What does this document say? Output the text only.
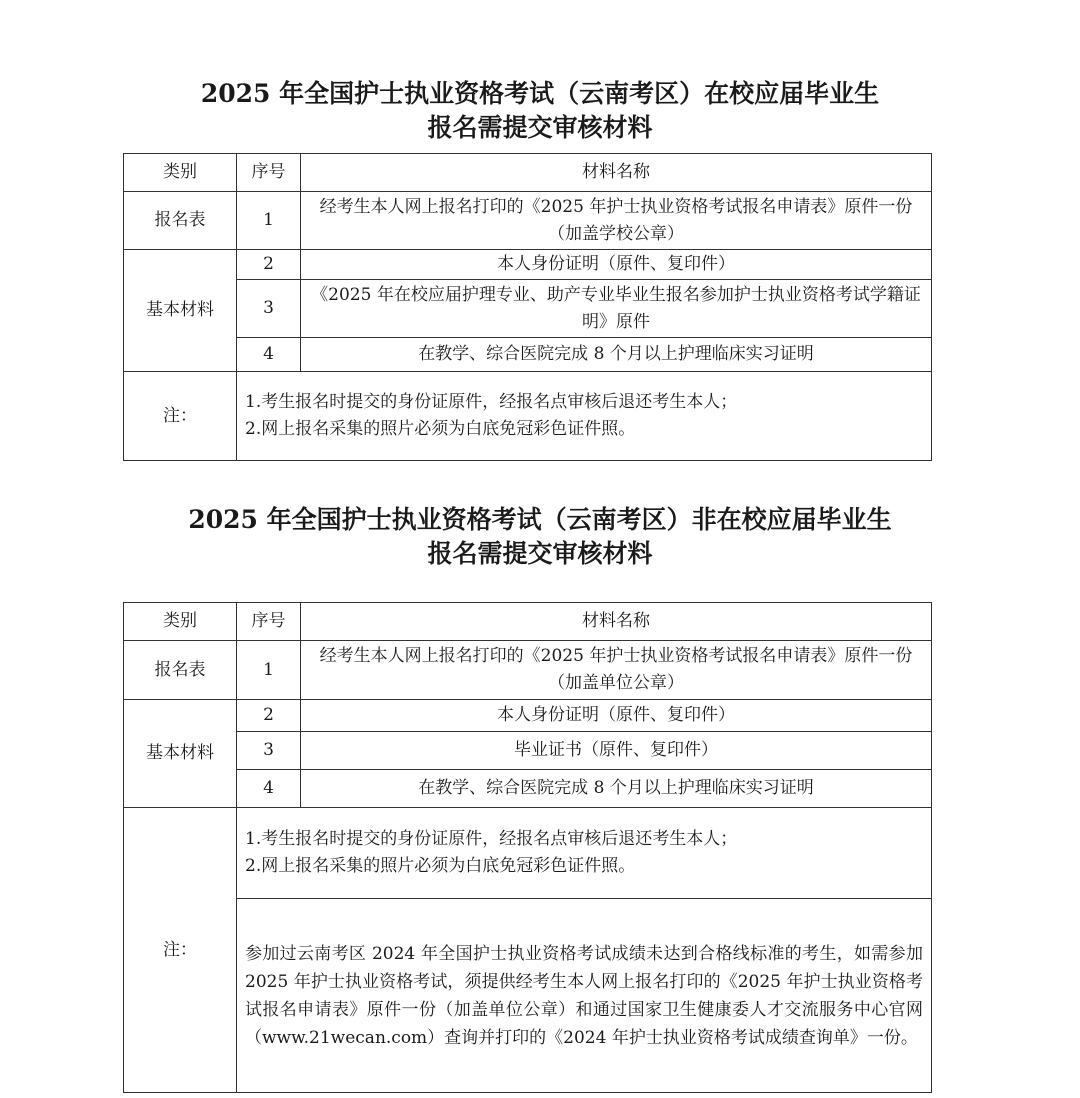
2025 年全国护士执业资格考试（云南考区）在校应届毕业生
报名需提交审核材料
类别	序号	材料名称
报名表	1	经考生本人网上报名打印的《2025 年护士执业资格考试报名申请表》原件一份（加盖学校公章）
基本材料	2	本人身份证明（原件、复印件）
	3	《2025 年在校应届护理专业、助产专业毕业生报名参加护士执业资格考试学籍证明》原件
	4	在教学、综合医院完成 8 个月以上护理临床实习证明
注：	1.考生报名时提交的身份证原件，经报名点审核后退还考生本人；
2.网上报名采集的照片必须为白底免冠彩色证件照。	
2025 年全国护士执业资格考试（云南考区）非在校应届毕业生
报名需提交审核材料
类别	序号	材料名称
报名表	1	经考生本人网上报名打印的《2025 年护士执业资格考试报名申请表》原件一份（加盖单位公章）
基本材料	2	本人身份证明（原件、复印件）
	3	毕业证书（原件、复印件）
	4	在教学、综合医院完成 8 个月以上护理临床实习证明
注：	1.考生报名时提交的身份证原件，经报名点审核后退还考生本人；
2.网上报名采集的照片必须为白底免冠彩色证件照。	

	参加过云南考区 2024 年全国护士执业资格考试成绩未达到合格线标准的考生，如需参加 2025 年护士执业资格考试，须提供经考生本人网上报名打印的《2025 年护士执业资格考试报名申请表》原件一份（加盖单位公章）和通过国家卫生健康委人才交流服务中心官网（www.21wecan.com）查询并打印的《2024 年护士执业资格考试成绩查询单》一份。	
